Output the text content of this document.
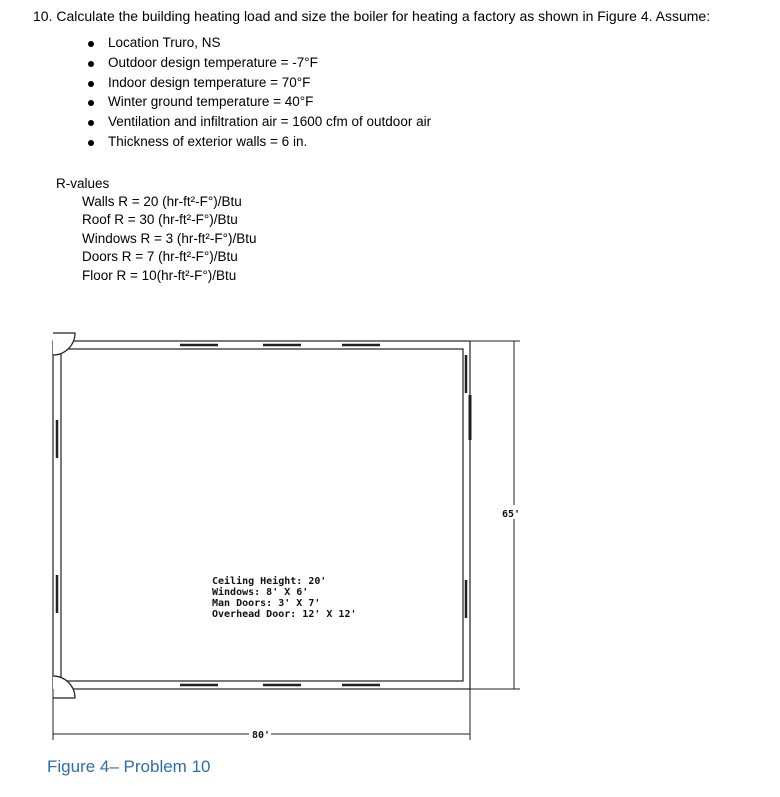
10. Calculate the building heating load and size the boiler for heating a factory as shown in Figure 4. Assume:
Location Truro, NS
Outdoor design temperature = -7°F
Indoor design temperature = 70°F
Winter ground temperature = 40°F
Ventilation and infiltration air = 1600 cfm of outdoor air
Thickness of exterior walls = 6 in.
R-values
Walls R = 20 (hr-ft²-F°)/Btu
Roof R = 30 (hr-ft²-F°)/Btu
Windows R = 3 (hr-ft²-F°)/Btu
Doors R = 7 (hr-ft²-F°)/Btu
Floor R = 10(hr-ft²-F°)/Btu
Ceiling Height: 20'
Windows: 8' X 6'
Man Doors: 3' X 7'
Overhead Door: 12' X 12'
80'
65'
Figure 4– Problem 10
